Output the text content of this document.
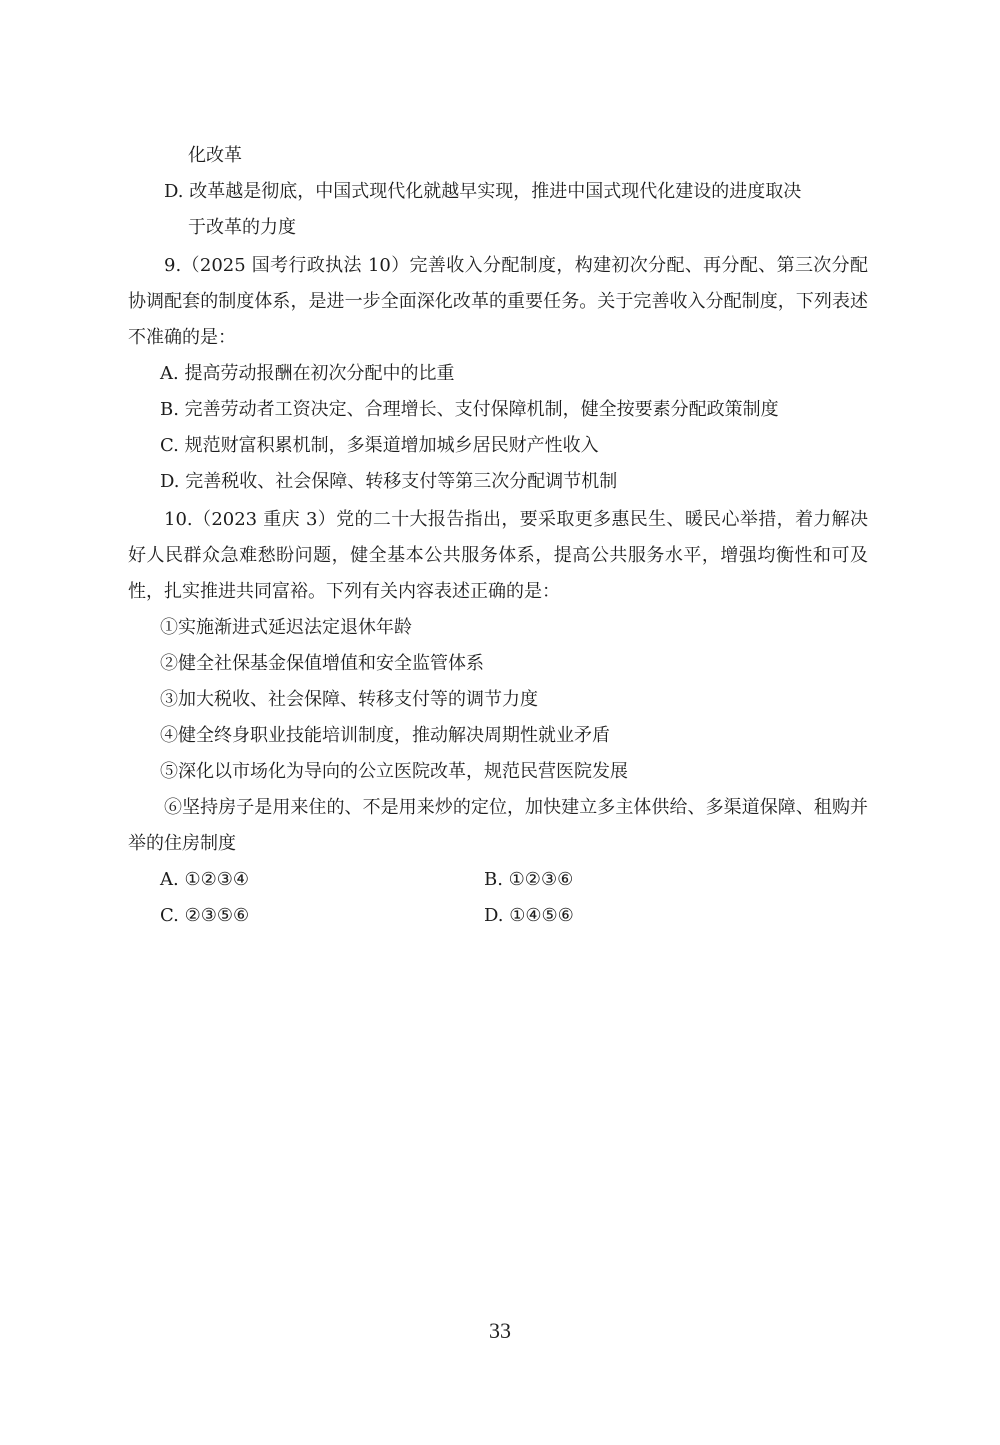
化改革
D. 改革越是彻底，中国式现代化就越早实现，推进中国式现代化建设的进度取决
于改革的力度
9.（2025 国考行政执法 10）完善收入分配制度，构建初次分配、再分配、第三次分配协调配套的制度体系，是进一步全面深化改革的重要任务。关于完善收入分配制度，下列表述不准确的是：
A. 提高劳动报酬在初次分配中的比重
B. 完善劳动者工资决定、合理增长、支付保障机制，健全按要素分配政策制度
C. 规范财富积累机制，多渠道增加城乡居民财产性收入
D. 完善税收、社会保障、转移支付等第三次分配调节机制
10.（2023 重庆 3）党的二十大报告指出，要采取更多惠民生、暖民心举措，着力解决好人民群众急难愁盼问题，健全基本公共服务体系，提高公共服务水平，增强均衡性和可及性，扎实推进共同富裕。下列有关内容表述正确的是：
①实施渐进式延迟法定退休年龄
②健全社保基金保值增值和安全监管体系
③加大税收、社会保障、转移支付等的调节力度
④健全终身职业技能培训制度，推动解决周期性就业矛盾
⑤深化以市场化为导向的公立医院改革，规范民营医院发展
⑥坚持房子是用来住的、不是用来炒的定位，加快建立多主体供给、多渠道保障、租购并举的住房制度
A. ①②③④	B. ①②③⑥
C. ②③⑤⑥	D. ①④⑤⑥
33
